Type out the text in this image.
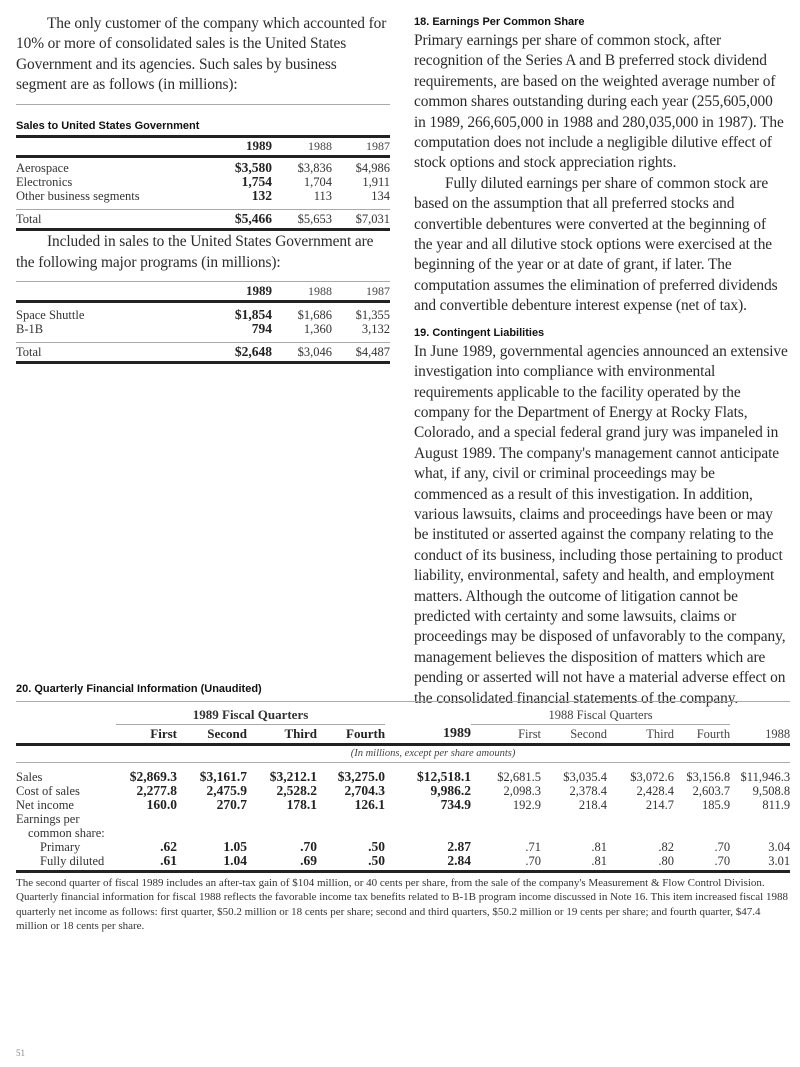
The only customer of the company which accounted for 10% or more of consolidated sales is the United States Government and its agencies. Such sales by business segment are as follows (in millions):

Sales to United States Government

	1989	1988	1987

Aerospace	$3,580	$3,836	$4,986
Electronics	1,754	1,704	1,911
Other business segments	132	113	134

Total	$5,466	$5,653	$7,031

Included in sales to the United States Government are the following major programs (in millions):

	1989	1988	1987

Space Shuttle	$1,854	$1,686	$1,355
B-1B	794	1,360	3,132

Total	$2,648	$3,046	$4,487

18. Earnings Per Common Share

Primary earnings per share of common stock, after recognition of the Series A and B preferred stock dividend requirements, are based on the weighted average number of common shares outstanding during each year (255,605,000 in 1989, 266,605,000 in 1988 and 280,035,000 in 1987). The computation does not include a negligible dilutive effect of stock options and stock appreciation rights.

Fully diluted earnings per share of common stock are based on the assumption that all preferred stocks and convertible debentures were converted at the beginning of the year and all dilutive stock options were exercised at the beginning of the year or at date of grant, if later. The computation assumes the elimination of preferred dividends and convertible debenture interest expense (net of tax).

19. Contingent Liabilities

In June 1989, governmental agencies announced an extensive investigation into compliance with environmental requirements applicable to the facility operated by the company for the Department of Energy at Rocky Flats, Colorado, and a special federal grand jury was impaneled in August 1989. The company's management cannot anticipate what, if any, civil or criminal proceedings may be commenced as a result of this investigation. In addition, various lawsuits, claims and proceedings have been or may be instituted or asserted against the company relating to the conduct of its business, including those pertaining to product liability, environmental, safety and health, and employment matters. Although the outcome of litigation cannot be predicted with certainty and some lawsuits, claims or proceedings may be disposed of unfavorably to the company, management believes the disposition of matters which are pending or asserted will not have a material adverse effect on the consolidated financial statements of the company.

20. Quarterly Financial Information (Unaudited)

	1989 Fiscal Quarters					1988 Fiscal Quarters				

	First	Second	Third	Fourth	1989	First	Second	Third	Fourth	1988

(In millions, except per share amounts)										

Sales	$2,869.3	$3,161.7	$3,212.1	$3,275.0	$12,518.1	$2,681.5	$3,035.4	$3,072.6	$3,156.8	$11,946.3
Cost of sales	2,277.8	2,475.9	2,528.2	2,704.3	9,986.2	2,098.3	2,378.4	2,428.4	2,603.7	9,508.8
Net income	160.0	270.7	178.1	126.1	734.9	192.9	218.4	214.7	185.9	811.9
Earnings per										
common share:										
Primary	.62	1.05	.70	.50	2.87	.71	.81	.82	.70	3.04
Fully diluted	.61	1.04	.69	.50	2.84	.70	.81	.80	.70	3.01

The second quarter of fiscal 1989 includes an after-tax gain of $104 million, or 40 cents per share, from the sale of the company's Measurement & Flow Control Division. Quarterly financial information for fiscal 1988 reflects the favorable income tax benefits related to B-1B program income discussed in Note 16. This item increased fiscal 1988 quarterly net income as follows: first quarter, $50.2 million or 18 cents per share; second and third quarters, $50.2 million or 19 cents per share; and fourth quarter, $47.4 million or 18 cents per share.

51
